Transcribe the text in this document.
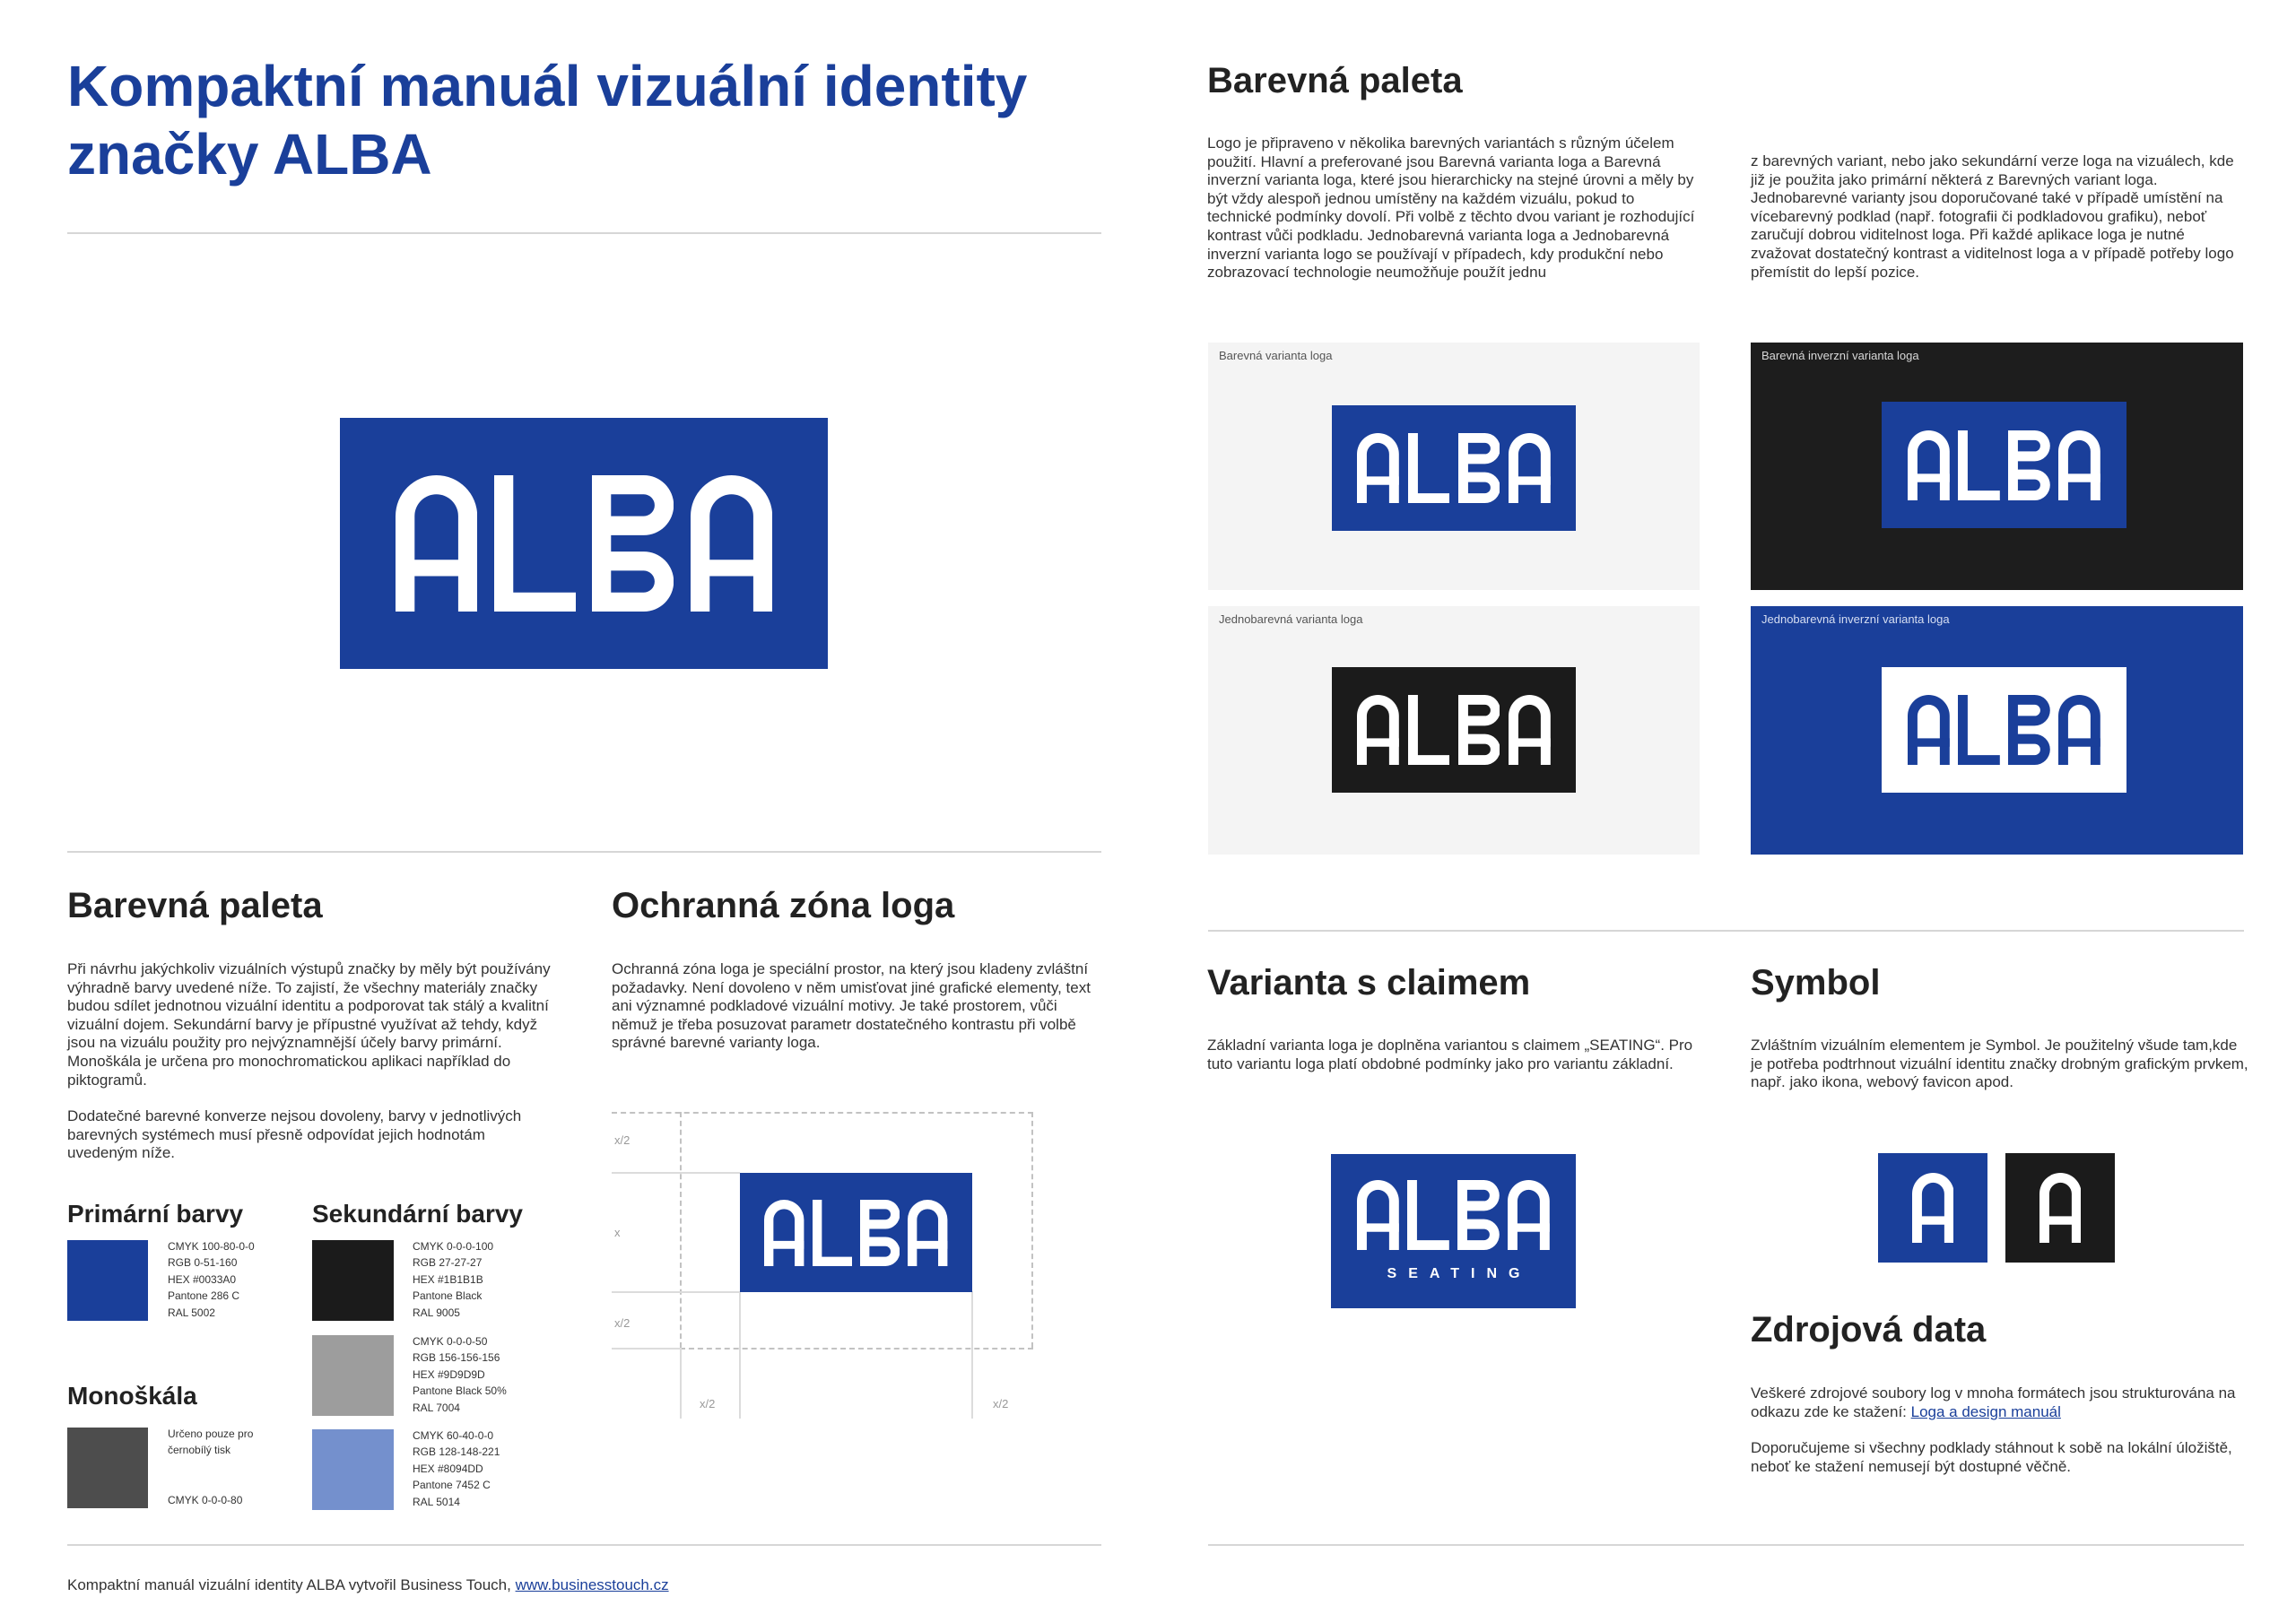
Kompaktní manuál vizuální identity značky ALBA
Barevná paleta

Při návrhu jakýchkoliv vizuálních výstupů značky by měly být používány výhradně barvy uvedené níže. To zajistí, že všechny materiály značky budou sdílet jednotnou vizuální identitu a podporovat tak stálý a kvalitní vizuální dojem. Sekundární barvy je přípustné využívat až tehdy, když jsou na vizuálu použity pro nejvýznamnější účely barvy primární. Monoškála je určena pro monochromatickou aplikaci například do piktogramů.

Dodatečné barevné konverze nejsou dovoleny, barvy v jednotlivých barevných systémech musí přesně odpovídat jejich hodnotám uvedeným níže.

Primární barvy
CMYK 100-80-0-0
RGB 0-51-160
HEX #0033A0
Pantone 286 C
RAL 5002
Monoškála
Určeno pouze pro
černobílý tisk
CMYK 0-0-0-80
Sekundární barvy
CMYK 0-0-0-100
RGB 27-27-27
HEX #1B1B1B
Pantone Black
RAL 9005
CMYK 0-0-0-50
RGB 156-156-156
HEX #9D9D9D
Pantone Black 50%
RAL 7004
CMYK 60-40-0-0
RGB 128-148-221
HEX #8094DD
Pantone 7452 C
RAL 5014
Ochranná zóna loga

Ochranná zóna loga je speciální prostor, na který jsou kladeny zvláštní požadavky. Není dovoleno v něm umisťovat jiné grafické elementy, text ani významné podkladové vizuální motivy. Je také prostorem, vůči němuž je třeba posuzovat parametr dostatečného kontrastu při volbě správné barevné varianty loga.

x/2
x
x/2
x/2	x/2
Kompaktní manuál vizuální identity ALBA vytvořil Business Touch, www.businesstouch.cz
Barevná paleta

Logo je připraveno v několika barevných variantách s různým účelem použití. Hlavní a preferované jsou Barevná varianta loga a Barevná inverzní varianta loga, které jsou hierarchicky na stejné úrovni a měly by být vždy alespoň jednou umístěny na každém vizuálu, pokud to technické podmínky dovolí. Při volbě z těchto dvou variant je rozhodující kontrast vůči podkladu. Jednobarevná varianta loga a Jednobarevná inverzní varianta logo se používají v případech, kdy produkční nebo zobrazovací technologie neumožňuje použít jednu

z barevných variant, nebo jako sekundární verze loga na vizuálech, kde již je použita jako primární některá z Barevných variant loga. Jednobarevné varianty jsou doporučované také v případě umístění na vícebarevný podklad (např. fotografii či podkladovou grafiku), neboť zaručují dobrou viditelnost loga. Při každé aplikace loga je nutné zvažovat dostatečný kontrast a viditelnost loga a v případě potřeby logo přemístit do lepší pozice.

Barevná varianta loga	Barevná inverzní varianta loga
Jednobarevná varianta loga	Jednobarevná inverzní varianta loga
Varianta s claimem

Základní varianta loga je doplněna variantou s claimem „SEATING“. Pro tuto variantu loga platí obdobné podmínky jako pro variantu základní.

SEATING
Symbol

Zvláštním vizuálním elementem je Symbol. Je použitelný všude tam,kde je potřeba podtrhnout vizuální identitu značky drobným grafickým prvkem, např. jako ikona, webový favicon apod.

Zdrojová data

Veškeré zdrojové soubory log v mnoha formátech jsou strukturována na odkazu zde ke stažení: Loga a design manuál

Doporučujeme si všechny podklady stáhnout k sobě na lokální úložiště, neboť ke stažení nemusejí být dostupné věčně.
